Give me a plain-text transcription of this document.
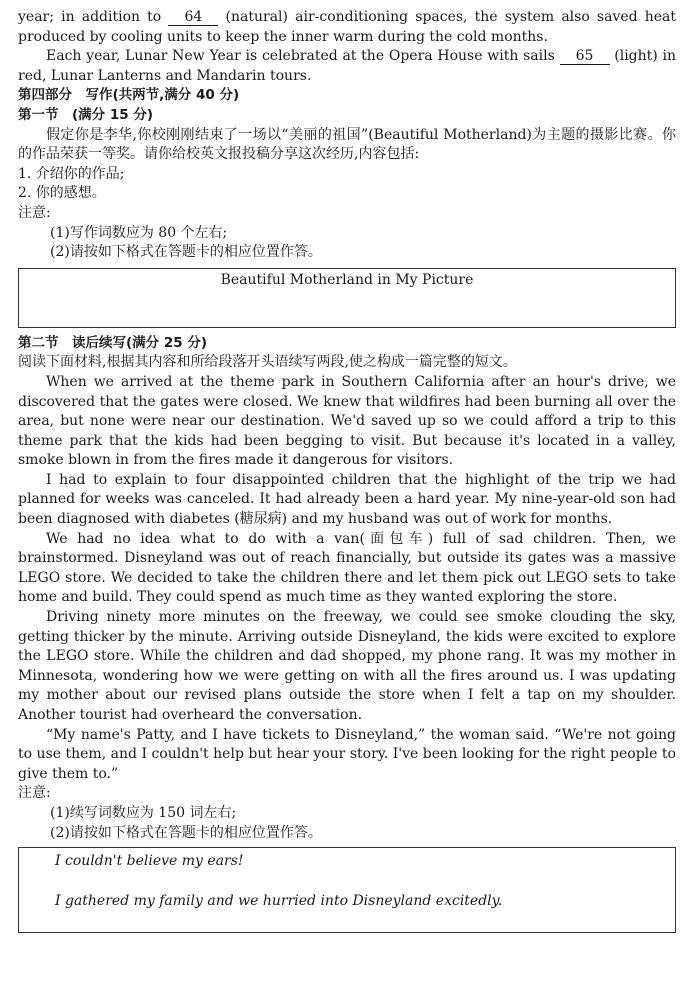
year; in addition to 64 (natural) air-conditioning spaces, the system also saved heat produced by cooling units to keep the inner warm during the cold months.

Each year, Lunar New Year is celebrated at the Opera House with sails 65 (light) in red, Lunar Lanterns and Mandarin tours.

第四部分　写作(共两节,满分 40 分)

第一节　(满分 15 分)

假定你是李华,你校刚刚结束了一场以“美丽的祖国”(Beautiful Motherland)为主题的摄影比赛。你的作品荣获一等奖。请你给校英文报投稿分享这次经历,内容包括:

1. 介绍你的作品;

2. 你的感想。

注意:

(1)写作词数应为 80 个左右;

(2)请按如下格式在答题卡的相应位置作答。

Beautiful Motherland in My Picture

第二节　读后续写(满分 25 分)

阅读下面材料,根据其内容和所给段落开头语续写两段,使之构成一篇完整的短文。

When we arrived at the theme park in Southern California after an hour's drive, we discovered that the gates were closed. We knew that wildfires had been burning all over the area, but none were near our destination. We'd saved up so we could afford a trip to this theme park that the kids had been begging to visit. But because it's located in a valley, smoke blown in from the fires made it dangerous for visitors.

I had to explain to four disappointed children that the highlight of the trip we had planned for weeks was canceled. It had already been a hard year. My nine-year-old son had been diagnosed with diabetes (糖尿病) and my husband was out of work for months.

We had no idea what to do with a van(面包车) full of sad children. Then, we brainstormed. Disneyland was out of reach financially, but outside its gates was a massive LEGO store. We decided to take the children there and let them pick out LEGO sets to take home and build. They could spend as much time as they wanted exploring the store.

Driving ninety more minutes on the freeway, we could see smoke clouding the sky, getting thicker by the minute. Arriving outside Disneyland, the kids were excited to explore the LEGO store. While the children and dad shopped, my phone rang. It was my mother in Minnesota, wondering how we were getting on with all the fires around us. I was updating my mother about our revised plans outside the store when I felt a tap on my shoulder. Another tourist had overheard the conversation.

“My name's Patty, and I have tickets to Disneyland,” the woman said. “We're not going to use them, and I couldn't help but hear your story. I've been looking for the right people to give them to.”

注意:

(1)续写词数应为 150 词左右;

(2)请按如下格式在答题卡的相应位置作答。

I couldn't believe my ears!

I gathered my family and we hurried into Disneyland excitedly.
